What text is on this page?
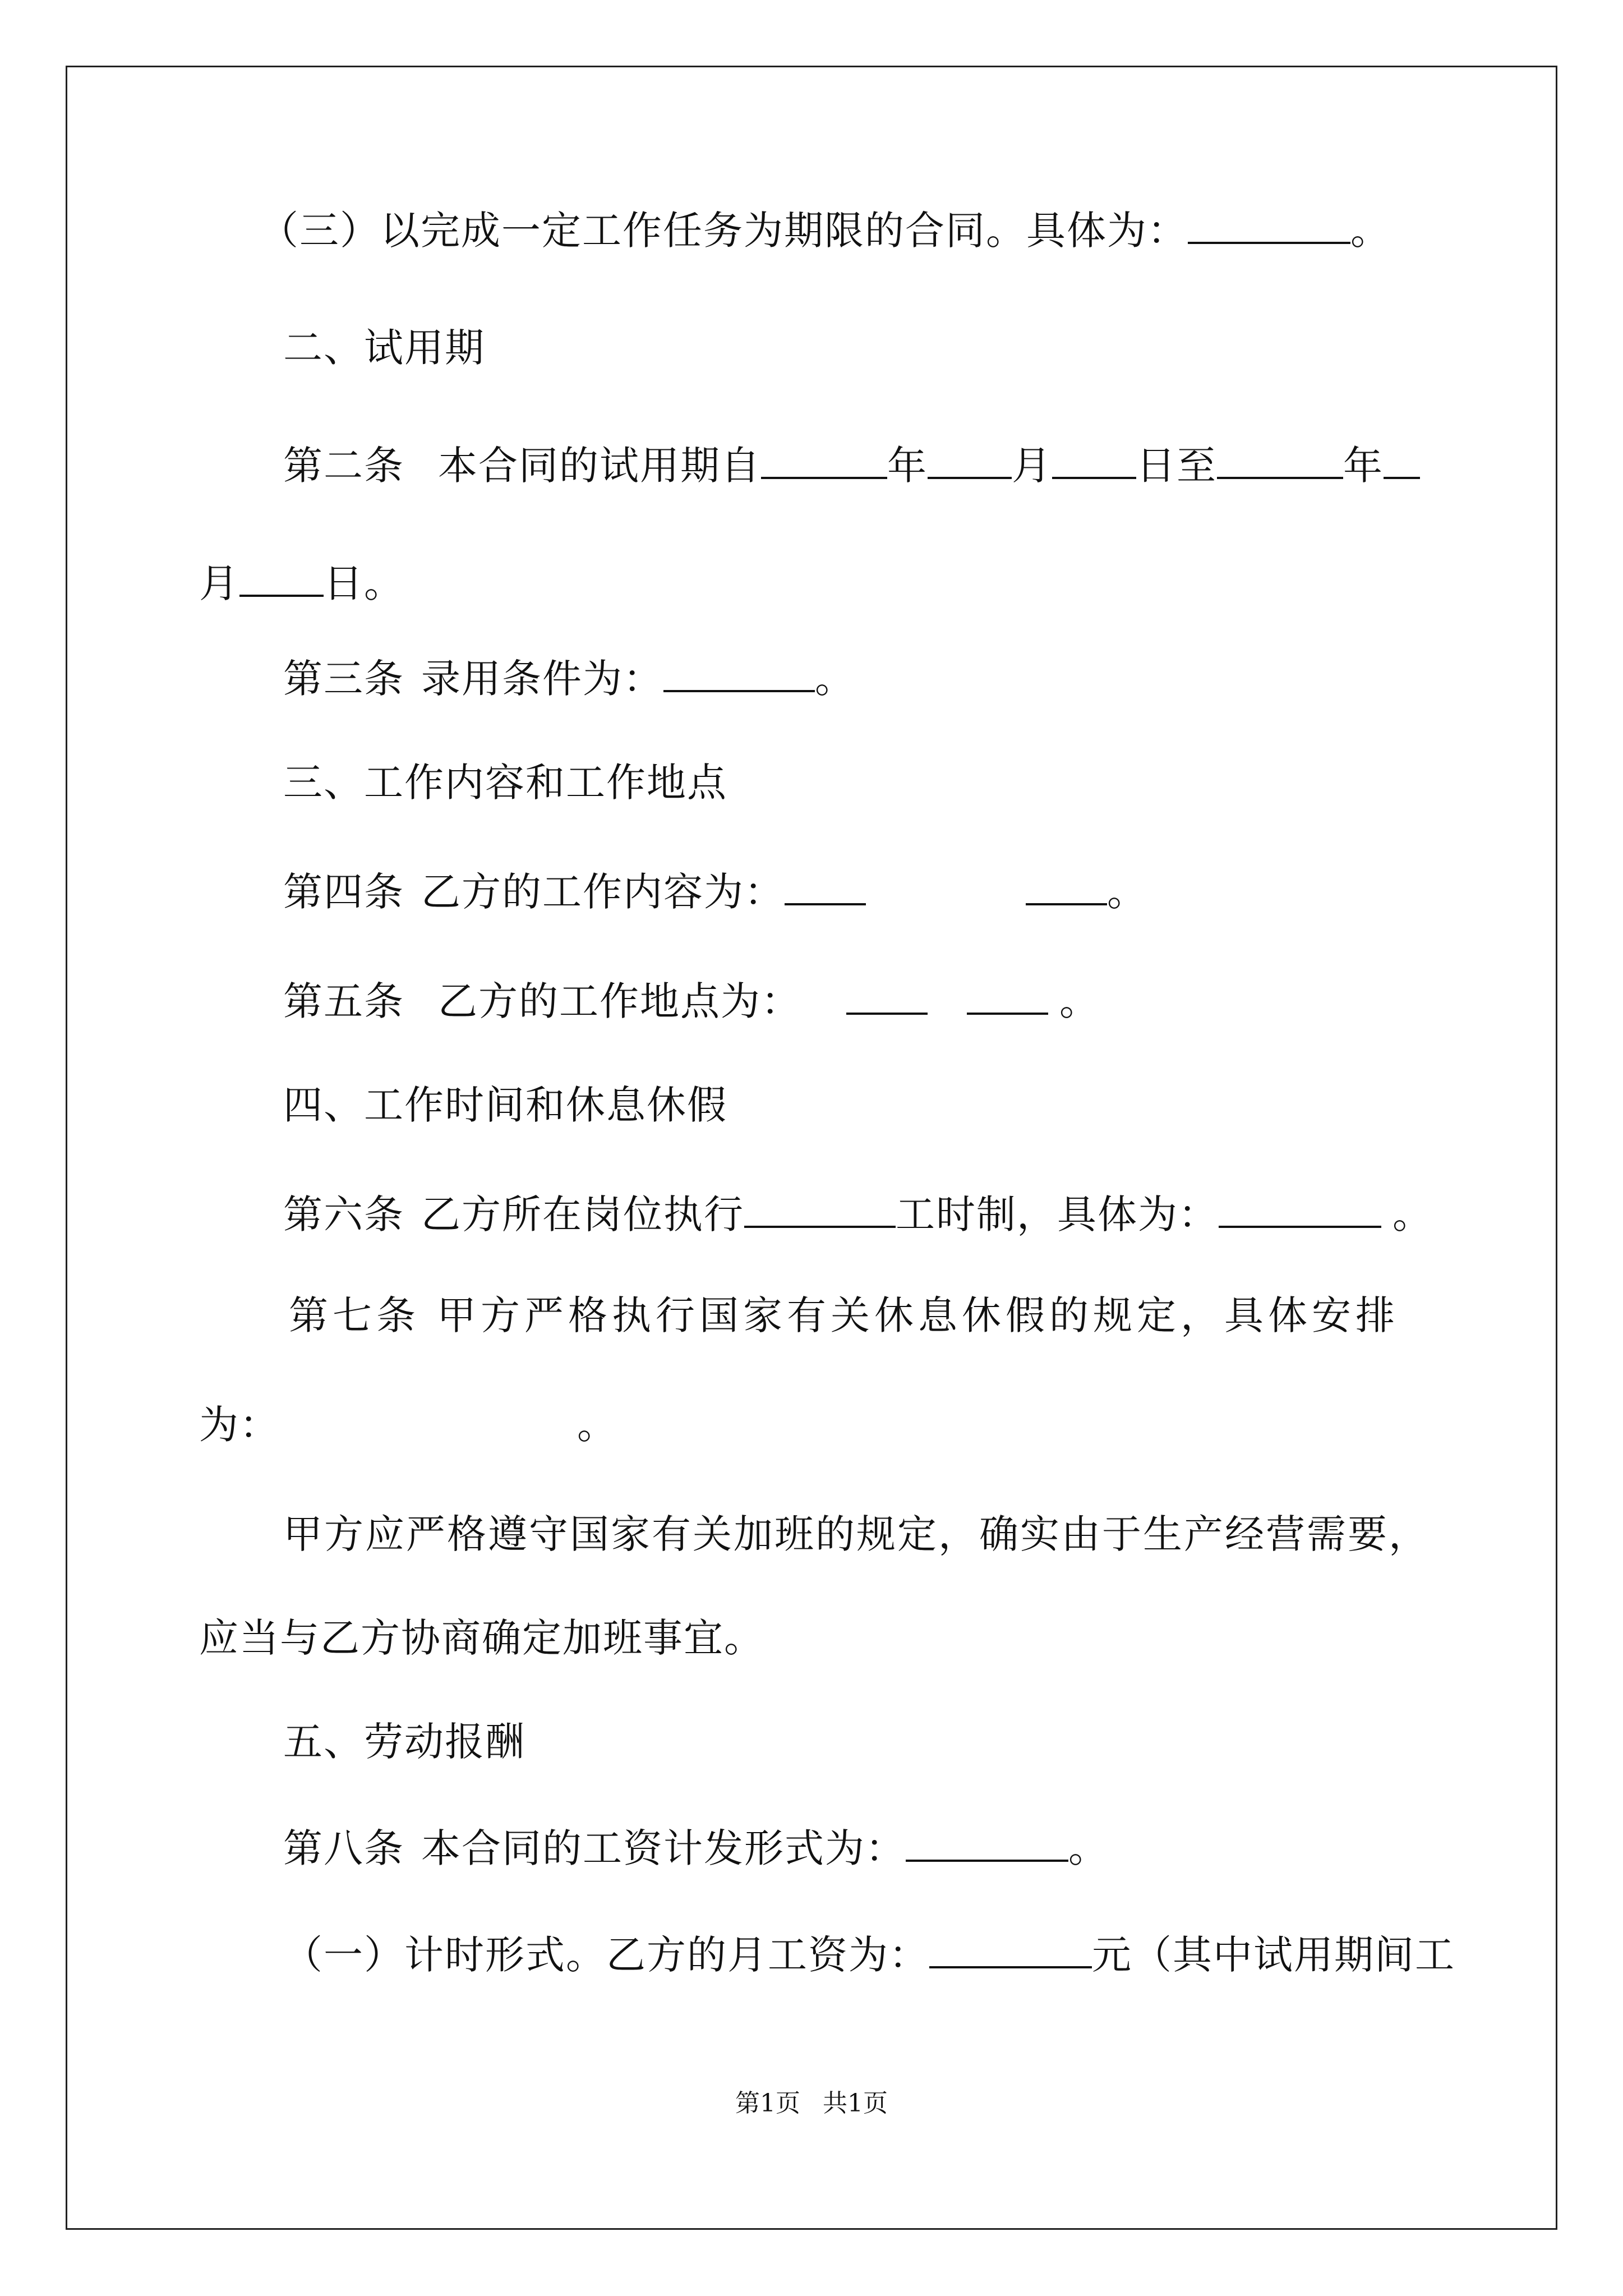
（三）以完成一定工作任务为期限的合同。具体为：	。
二、试用期
第二条 本合同的试用期自	年 月 日至	年
月 日。
第三条 录用条件为：	。
三、工作内容和工作地点
第四条 乙方的工作内容为：	。
第五条 乙方的工作地点为：	。
四、工作时间和休息休假
第六条 乙方所在岗位执行	工时制，具体为：	。
第七条 甲方严格执行国家有关休息休假的规定，具体安排
为：	。
甲方应严格遵守国家有关加班的规定，确实由于生产经营需要，
应当与乙方协商确定加班事宜。
五、劳动报酬
第八条 本合同的工资计发形式为：	。
（一）计时形式。乙方的月工资为：	元（其中试用期间工
第1页 共1页
